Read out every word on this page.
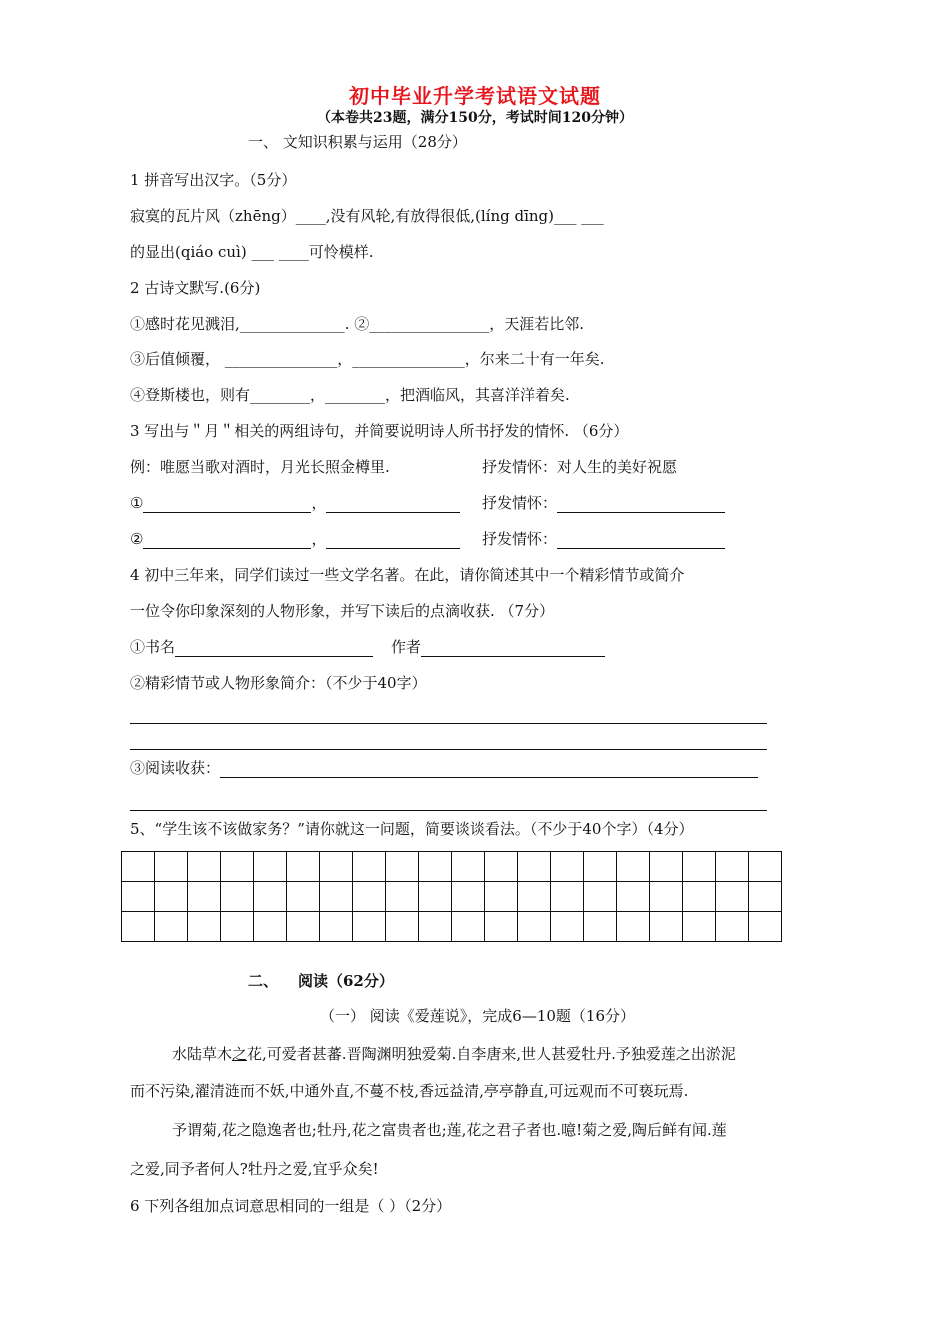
初中毕业升学考试语文试题
（本卷共23题，满分150分，考试时间120分钟）
一、 文知识积累与运用（28分）
1 拼音写出汉字。（5分）
寂寞的瓦片风（zhēng）____,没有风轮,有放得很低,(líng dīng)___ ___
的显出(qiáo cuì) ___ ____可怜模样.
2 古诗文默写.(6分)
①感时花见溅泪,______________. ②________________，天涯若比邻.
③后值倾覆， _______________，_______________，尔来二十有一年矣.
④登斯楼也，则有________，________，把酒临风，其喜洋洋着矣.
3 写出与＂月＂相关的两组诗句，并简要说明诗人所书抒发的情怀. （6分）
例：唯愿当歌对酒时，月光长照金樽里.	抒发情怀：对人生的美好祝愿
①	，	抒发情怀：
②	，	抒发情怀：
4 初中三年来，同学们读过一些文学名著。在此，请你简述其中一个精彩情节或简介
一位令你印象深刻的人物形象，并写下读后的点滴收获. （7分）
①书名	作者
②精彩情节或人物形象简介：（不少于40字）
③阅读收获：
5、“学生该不该做家务？”请你就这一问题，简要谈谈看法。（不少于40个字）（4分）

二、 阅读（62分）
（一） 阅读《爱莲说》，完成6—10题（16分）
水陆草木之花,可爱者甚蕃.晋陶渊明独爱菊.自李唐来,世人甚爱牡丹.予独爱莲之出淤泥
而不污染,濯清涟而不妖,中通外直,不蔓不枝,香远益清,亭亭静直,可远观而不可亵玩焉.
予谓菊,花之隐逸者也;牡丹,花之富贵者也;莲,花之君子者也.噫!菊之爱,陶后鲜有闻.莲
之爱,同予者何人?牡丹之爱,宜乎众矣!
6 下列各组加点词意思相同的一组是（ ）（2分）
